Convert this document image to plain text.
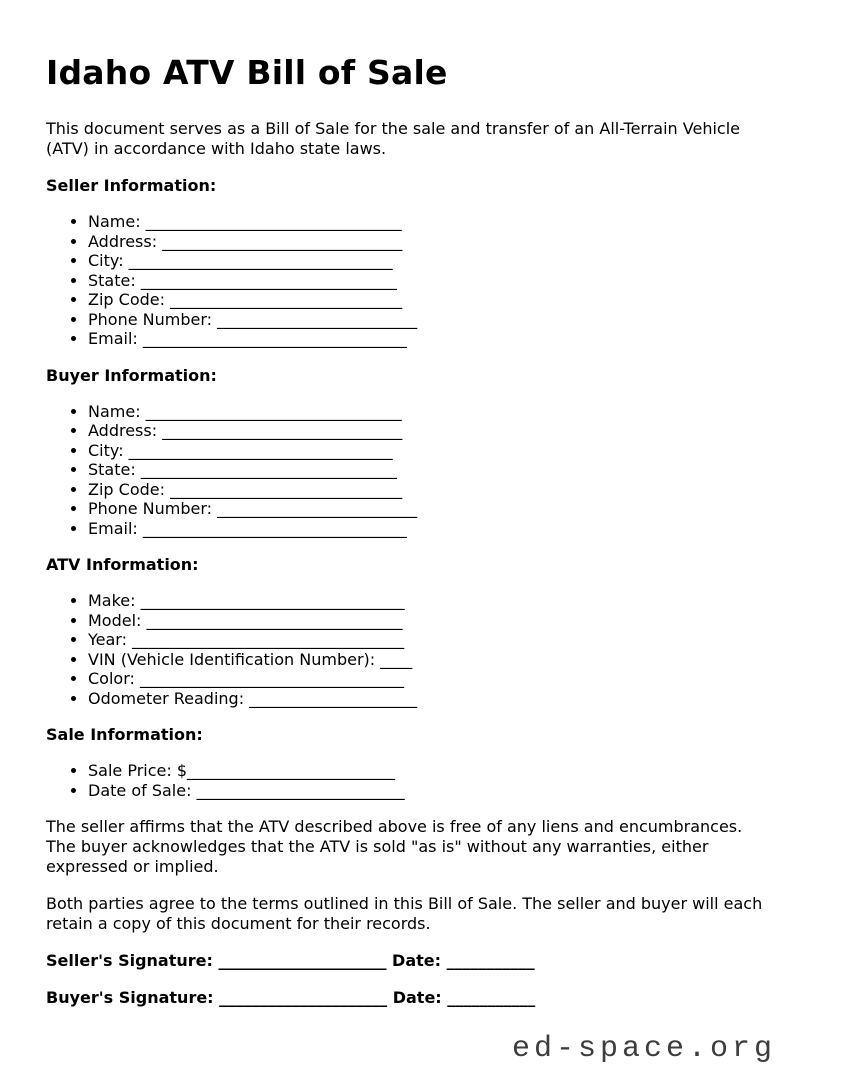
Idaho ATV Bill of Sale
This document serves as a Bill of Sale for the sale and transfer of an All-Terrain Vehicle
(ATV) in accordance with Idaho state laws.
Seller Information:
• Name: ________________________________
• Address: ______________________________
• City: _________________________________
• State: ________________________________
• Zip Code: _____________________________
• Phone Number: _________________________
• Email: _________________________________
Buyer Information:
• Name: ________________________________
• Address: ______________________________
• City: _________________________________
• State: ________________________________
• Zip Code: _____________________________
• Phone Number: _________________________
• Email: _________________________________
ATV Information:
• Make: _________________________________
• Model: ________________________________
• Year: __________________________________
• VIN (Vehicle Identification Number): ____
• Color: _________________________________
• Odometer Reading: _____________________
Sale Information:
• Sale Price: $__________________________
• Date of Sale: __________________________
The seller affirms that the ATV described above is free of any liens and encumbrances.
The buyer acknowledges that the ATV is sold "as is" without any warranties, either
expressed or implied.
Both parties agree to the terms outlined in this Bill of Sale. The seller and buyer will each
retain a copy of this document for their records.
Seller's Signature: _____________________ Date: ___________
Buyer's Signature: _____________________ Date: ___________
ed-space.org
